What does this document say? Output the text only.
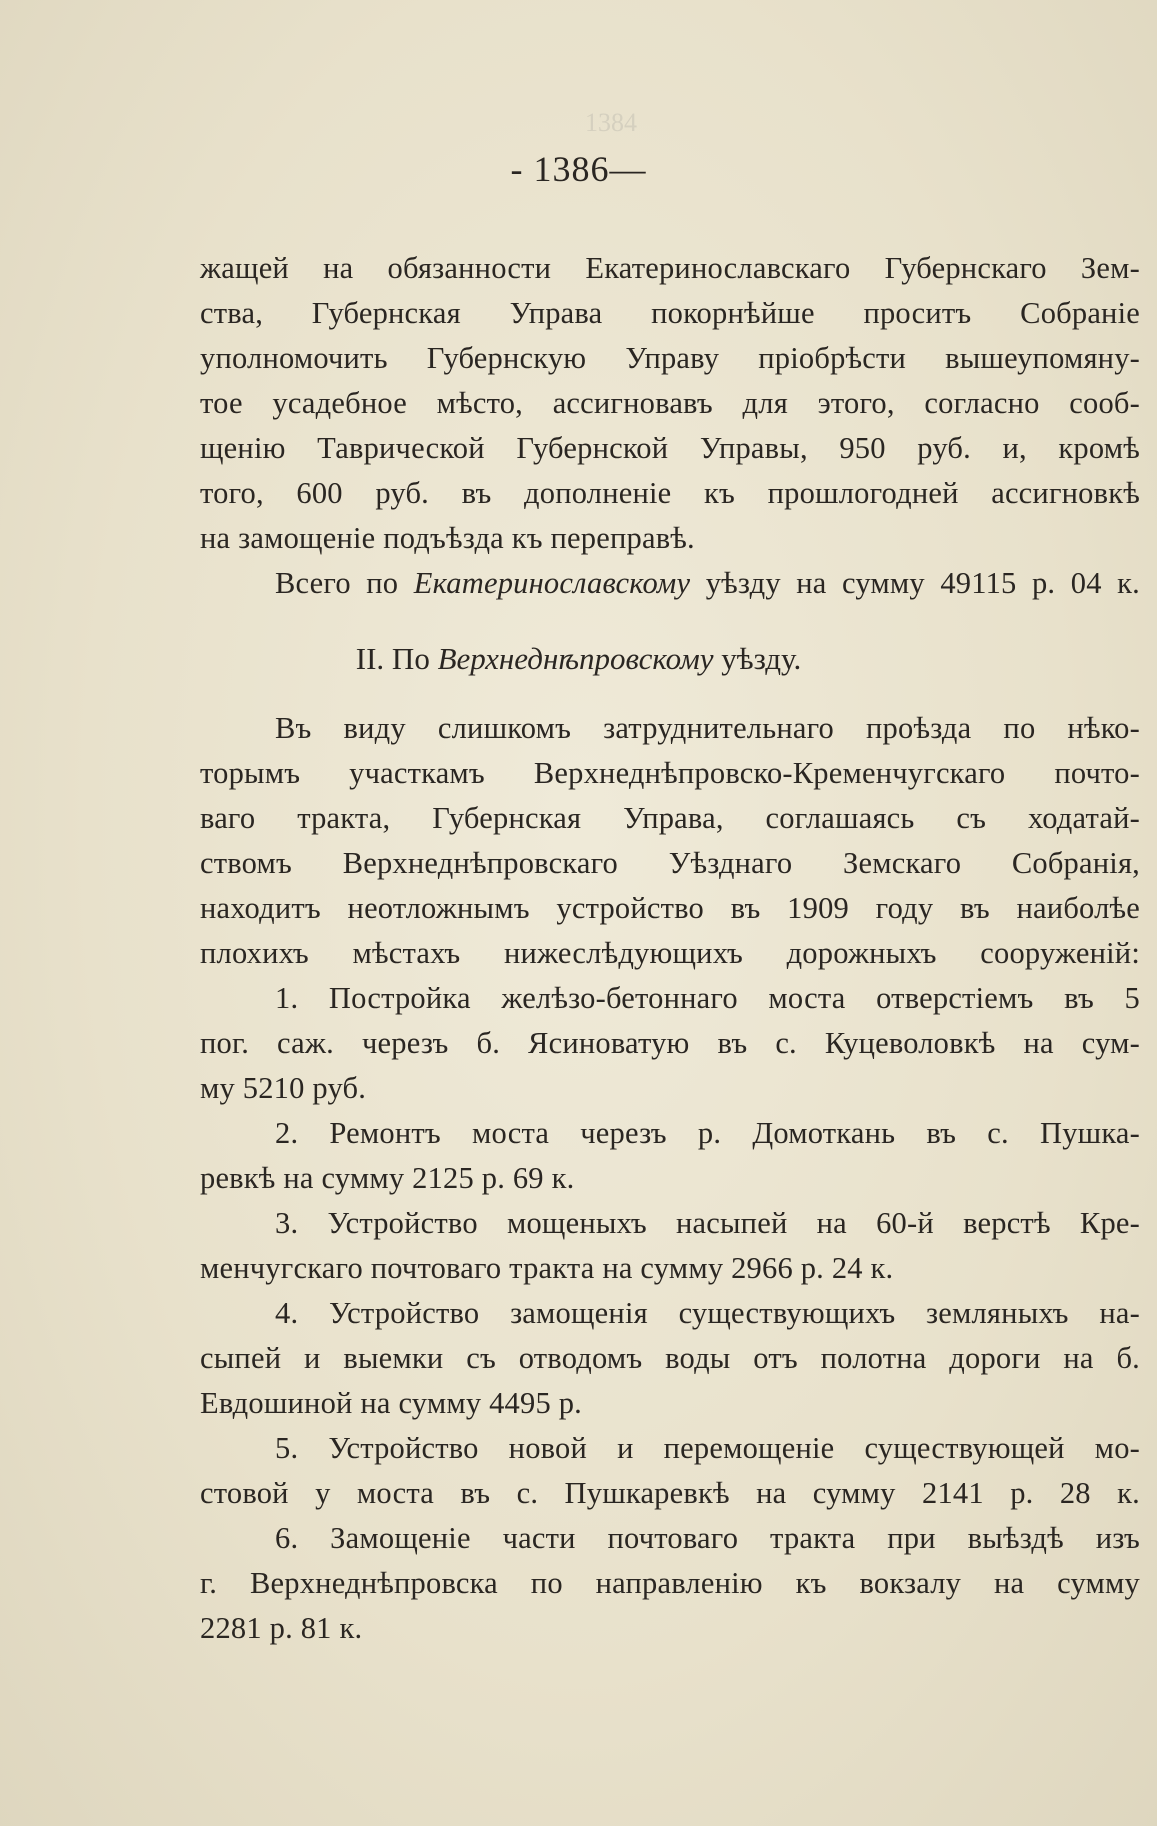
1384
- 1386—
жащей на обязанности Екатеринославскаго Губернскаго Зем-
ства, Губернская Управа покорнѣйше проситъ Собраніе
уполномочить Губернскую Управу пріобрѣсти вышеупомяну-
тое усадебное мѣсто, ассигновавъ для этого, согласно сооб-
щенію Таврической Губернской Управы, 950 руб. и, кромѣ
того, 600 руб. въ дополненіе къ прошлогодней ассигновкѣ
на замощеніе подъѣзда къ переправѣ.
Всего по Екатеринославскому уѣзду на сумму 49115 р. 04 к.
II. По Верхнеднѣпровскому уѣзду.
Въ виду слишкомъ затруднительнаго проѣзда по нѣко-
торымъ участкамъ Верхнеднѣпровско-Кременчугскаго почто-
ваго тракта, Губернская Управа, соглашаясь съ ходатай-
ствомъ Верхнеднѣпровскаго Уѣзднаго Земскаго Собранія,
находитъ неотложнымъ устройство въ 1909 году въ наиболѣе
плохихъ мѣстахъ нижеслѣдующихъ дорожныхъ сооруженій:
1. Постройка желѣзо-бетоннаго моста отверстіемъ въ 5
пог. саж. черезъ б. Ясиноватую въ с. Куцеволовкѣ на сум-
му 5210 руб.
2. Ремонтъ моста черезъ р. Домоткань въ с. Пушка-
ревкѣ на сумму 2125 р. 69 к.
3. Устройство мощеныхъ насыпей на 60-й верстѣ Кре-
менчугскаго почтоваго тракта на сумму 2966 р. 24 к.
4. Устройство замощенія существующихъ земляныхъ на-
сыпей и выемки съ отводомъ воды отъ полотна дороги на б.
Евдошиной на сумму 4495 р.
5. Устройство новой и перемощеніе существующей мо-
стовой у моста въ с. Пушкаревкѣ на сумму 2141 р. 28 к.
6. Замощеніе части почтоваго тракта при выѣздѣ изъ
г. Верхнеднѣпровска по направленію къ вокзалу на сумму
2281 р. 81 к.
